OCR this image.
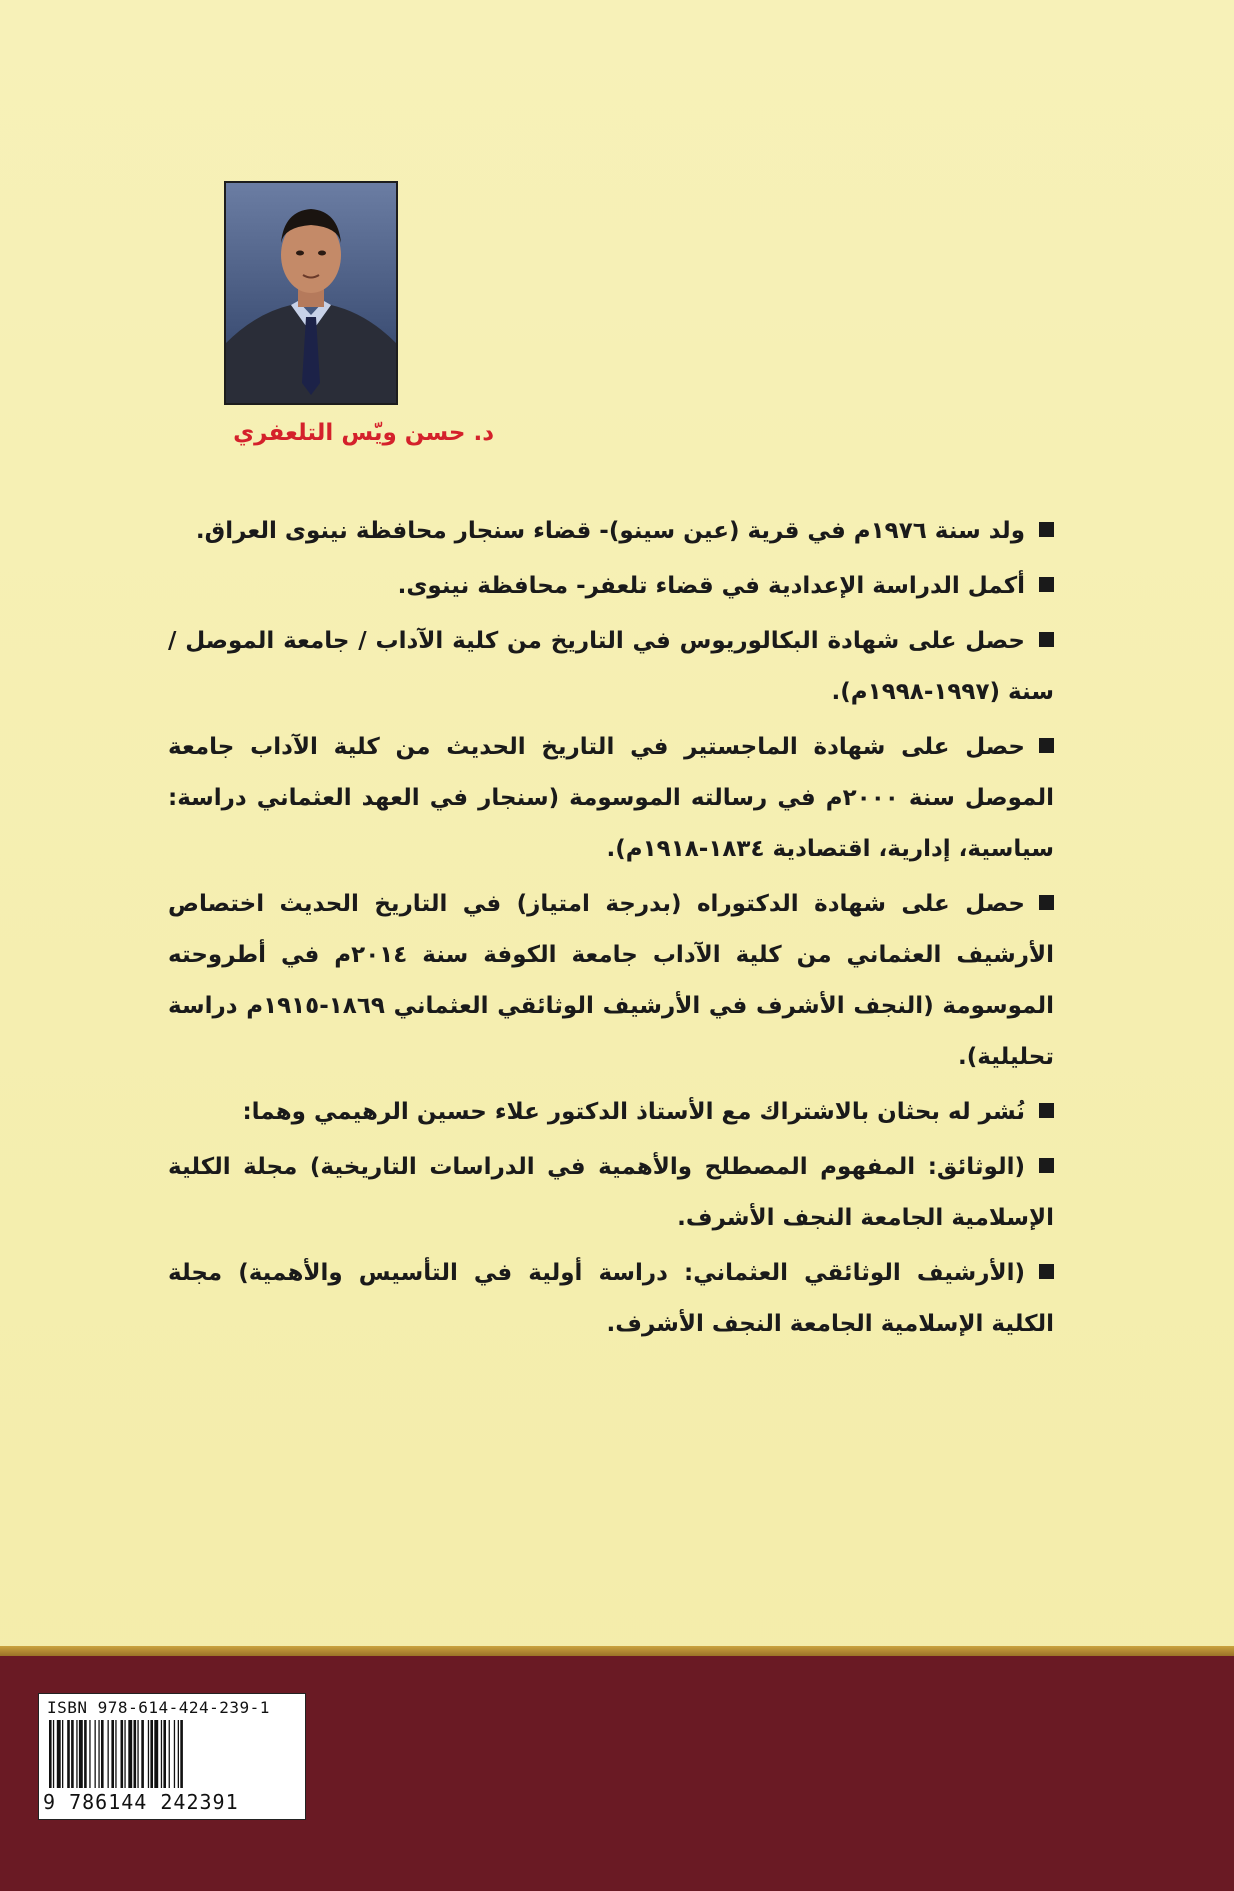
د. حسن ويّس التلعفري

ولد سنة ١٩٧٦م في قرية (عين سينو)- قضاء سنجار محافظة نينوى العراق.

أكمل الدراسة الإعدادية في قضاء تلعفر- محافظة نينوى.

حصل على شهادة البكالوريوس في التاريخ من كلية الآداب / جامعة الموصل / سنة (١٩٩٧-١٩٩٨م).

حصل على شهادة الماجستير في التاريخ الحديث من كلية الآداب جامعة الموصل سنة ٢٠٠٠م في رسالته الموسومة (سنجار في العهد العثماني دراسة: سياسية، إدارية، اقتصادية ١٨٣٤-١٩١٨م).

حصل على شهادة الدكتوراه (بدرجة امتياز) في التاريخ الحديث اختصاص الأرشيف العثماني من كلية الآداب جامعة الكوفة سنة ٢٠١٤م في أطروحته الموسومة (النجف الأشرف في الأرشيف الوثائقي العثماني ١٨٦٩-١٩١٥م دراسة تحليلية).

نُشر له بحثان بالاشتراك مع الأستاذ الدكتور علاء حسين الرهيمي وهما:

(الوثائق: المفهوم المصطلح والأهمية في الدراسات التاريخية) مجلة الكلية الإسلامية الجامعة النجف الأشرف.

(الأرشيف الوثائقي العثماني: دراسة أولية في التأسيس والأهمية) مجلة الكلية الإسلامية الجامعة النجف الأشرف.

ISBN 978-614-424-239-1
9 786144 242391
